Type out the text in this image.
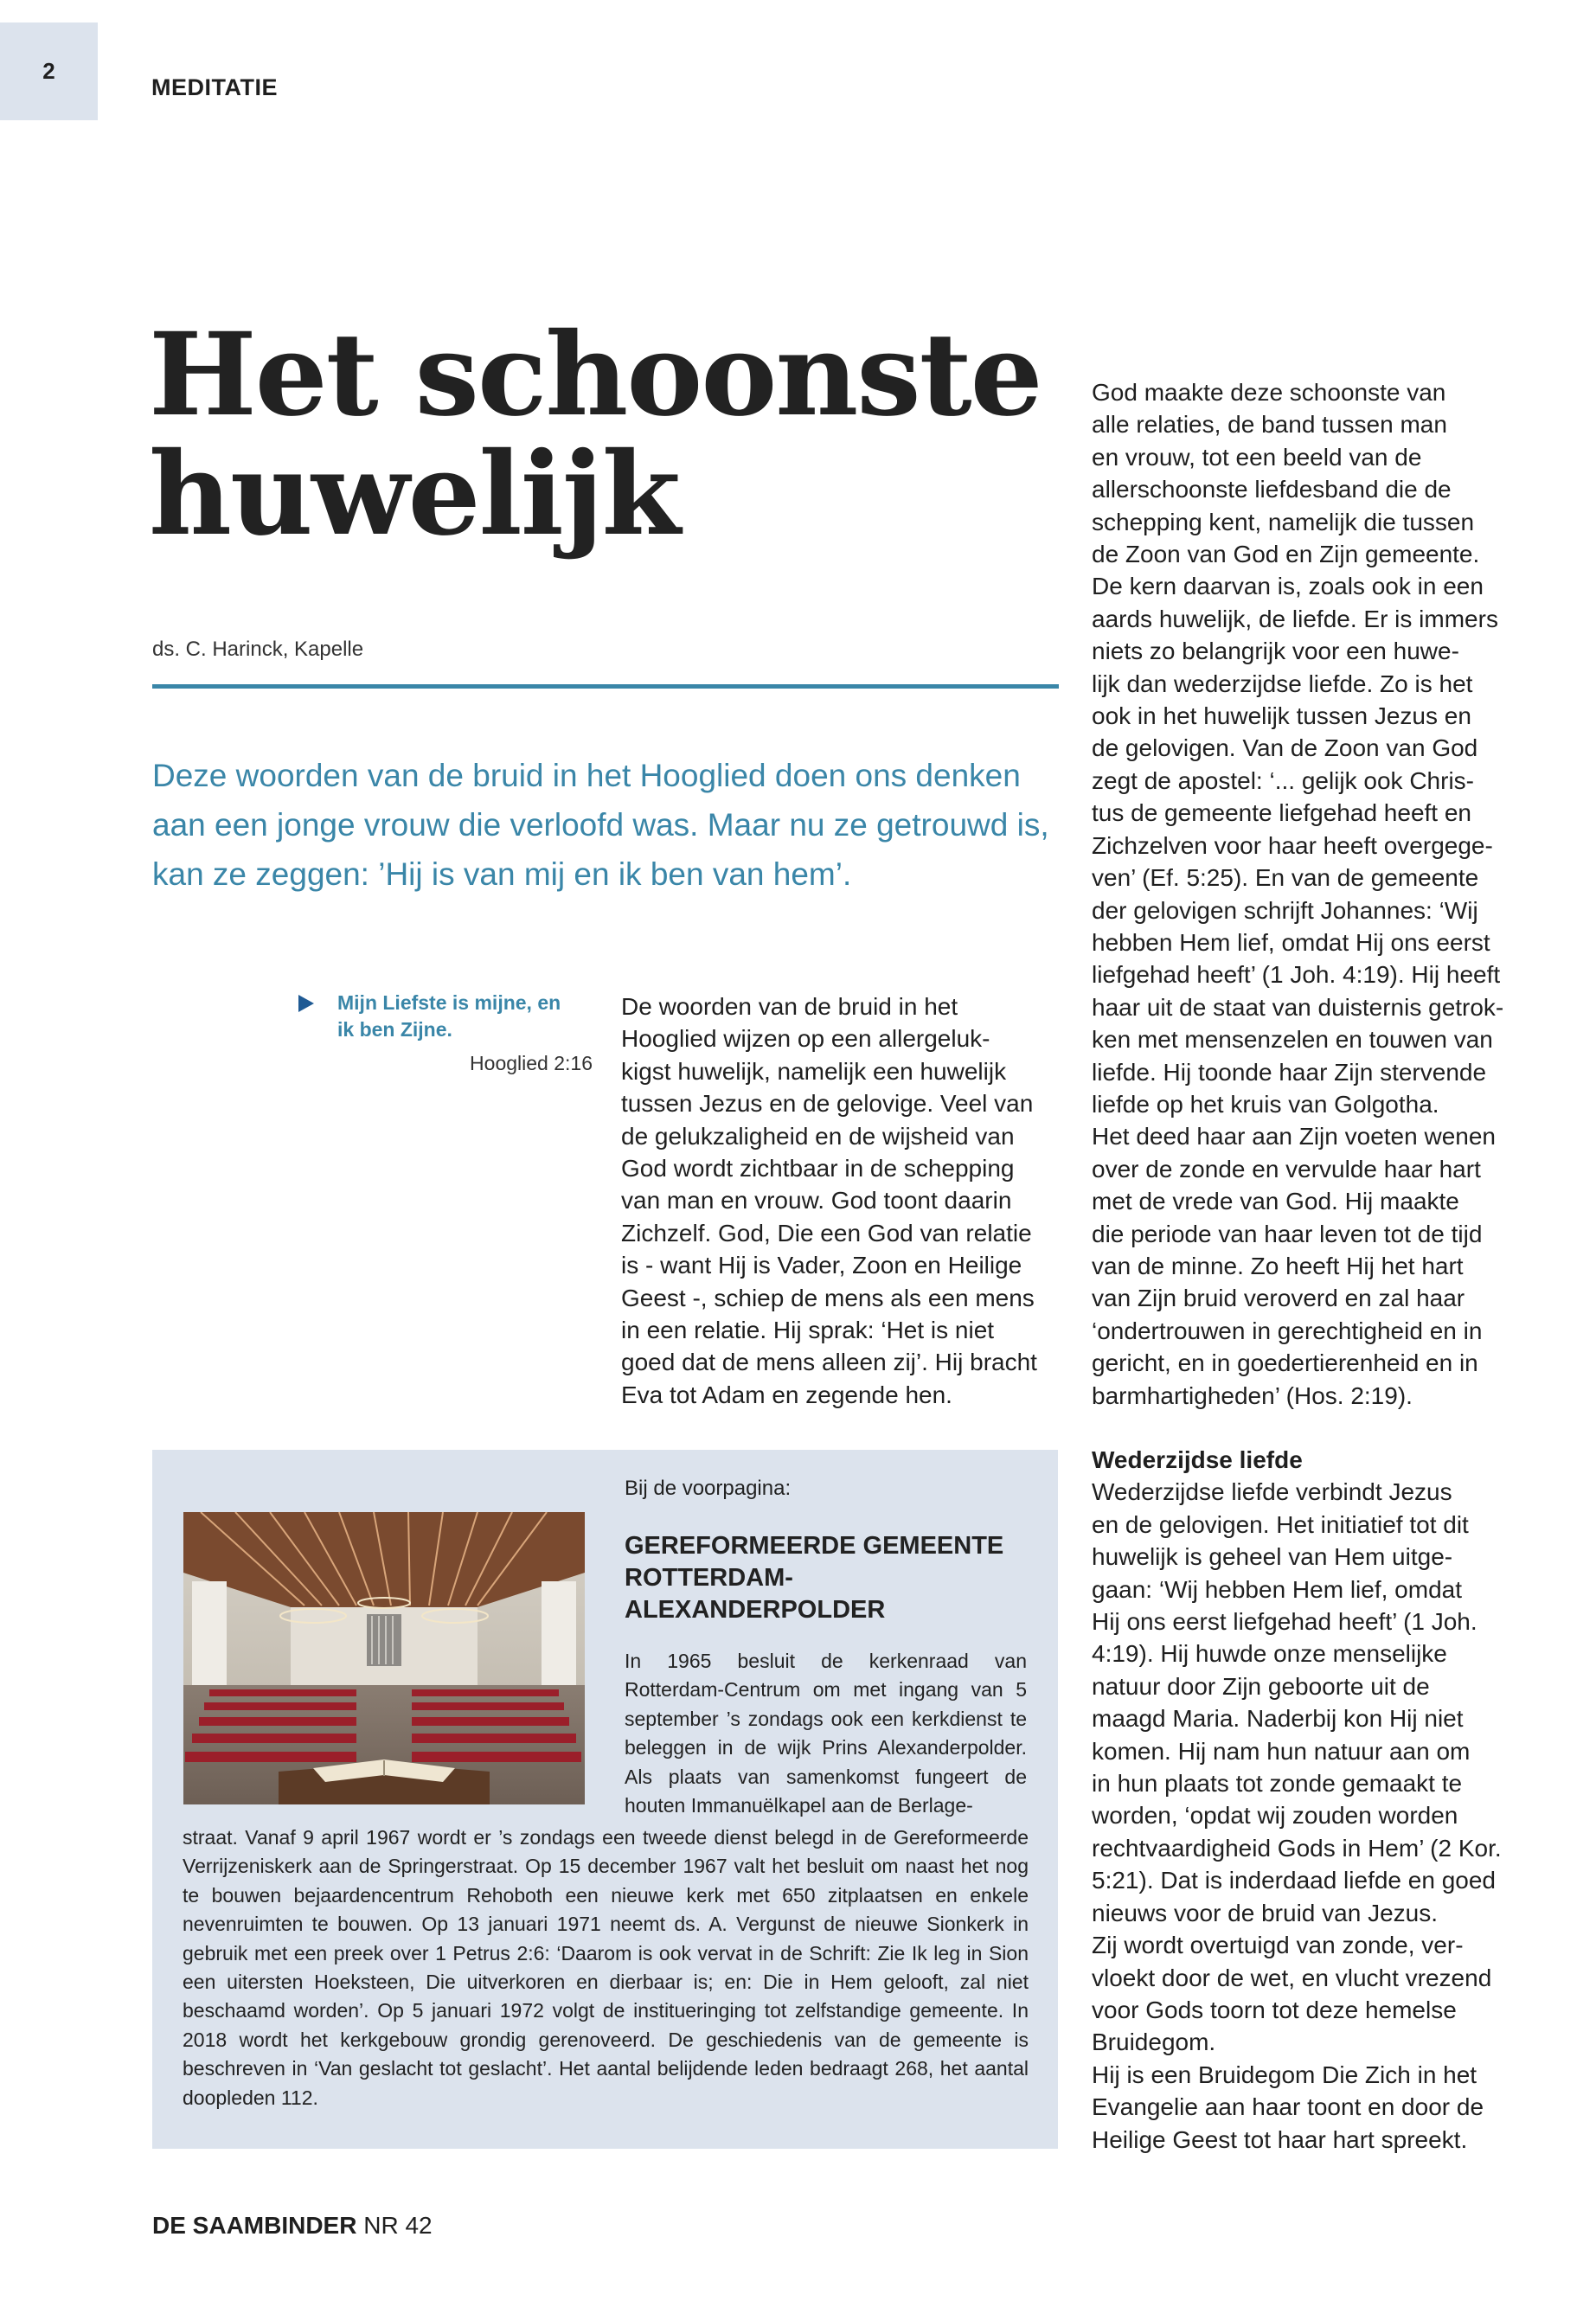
2
MEDITATIE
Het schoonste
huwelijk
ds. C. Harinck, Kapelle
Deze woorden van de bruid in het Hooglied doen ons denken aan een jonge vrouw die verloofd was. Maar nu ze getrouwd is, kan ze zeggen: ’Hij is van mij en ik ben van hem’.
Mijn Liefste is mijne, en
ik ben Zijne.
Hooglied 2:16
De woorden van de bruid in het
Hooglied wijzen op een allergeluk-
kigst huwelijk, namelijk een huwelijk
tussen Jezus en de gelovige. Veel van
de gelukzaligheid en de wijsheid van
God wordt zichtbaar in de schepping
van man en vrouw. God toont daarin
Zichzelf. God, Die een God van relatie
is - want Hij is Vader, Zoon en Heilige
Geest -, schiep de mens als een mens
in een relatie. Hij sprak: ‘Het is niet
goed dat de mens alleen zij’. Hij bracht
Eva tot Adam en zegende hen.
God maakte deze schoonste van
alle relaties, de band tussen man
en vrouw, tot een beeld van de
allerschoonste liefdesband die de
schepping kent, namelijk die tussen
de Zoon van God en Zijn gemeente.
De kern daarvan is, zoals ook in een
aards huwelijk, de liefde. Er is immers
niets zo belangrijk voor een huwe-
lijk dan wederzijdse liefde. Zo is het
ook in het huwelijk tussen Jezus en
de gelovigen. Van de Zoon van God
zegt de apostel: ‘... gelijk ook Chris-
tus de gemeente liefgehad heeft en
Zichzelven voor haar heeft overgege-
ven’ (Ef. 5:25). En van de gemeente
der gelovigen schrijft Johannes: ‘Wij
hebben Hem lief, omdat Hij ons eerst
liefgehad heeft’ (1 Joh. 4:19). Hij heeft
haar uit de staat van duisternis getrok-
ken met mensenzelen en touwen van
liefde. Hij toonde haar Zijn stervende
liefde op het kruis van Golgotha.
Het deed haar aan Zijn voeten wenen
over de zonde en vervulde haar hart
met de vrede van God. Hij maakte
die periode van haar leven tot de tijd
van de minne. Zo heeft Hij het hart
van Zijn bruid veroverd en zal haar
‘ondertrouwen in gerechtigheid en in
gericht, en in goedertierenheid en in
barmhartigheden’ (Hos. 2:19).
Wederzijdse liefde
Wederzijdse liefde verbindt Jezus
en de gelovigen. Het initiatief tot dit
huwelijk is geheel van Hem uitge-
gaan: ‘Wij hebben Hem lief, omdat
Hij ons eerst liefgehad heeft’ (1 Joh.
4:19). Hij huwde onze menselijke
natuur door Zijn geboorte uit de
maagd Maria. Naderbij kon Hij niet
komen. Hij nam hun natuur aan om
in hun plaats tot zonde gemaakt te
worden, ‘opdat wij zouden worden
rechtvaardigheid Gods in Hem’ (2 Kor.
5:21). Dat is inderdaad liefde en goed
nieuws voor de bruid van Jezus.
Zij wordt overtuigd van zonde, ver-
vloekt door de wet, en vlucht vrezend
voor Gods toorn tot deze hemelse
Bruidegom.
Hij is een Bruidegom Die Zich in het
Evangelie aan haar toont en door de
Heilige Geest tot haar hart spreekt.
Bij de voorpagina:
GEREFORMEERDE GEMEENTE
ROTTERDAM-
ALEXANDERPOLDER
In 1965 besluit de kerkenraad van Rotterdam-Centrum om met ingang van 5 september ’s zondags ook een kerkdienst te beleggen in de wijk Prins Alexanderpolder. Als plaats van samenkomst fungeert de houten Immanuëlkapel aan de Berlage-
straat. Vanaf 9 april 1967 wordt er ’s zondags een tweede dienst belegd in de Gereformeerde Verrijzeniskerk aan de Springerstraat. Op 15 december 1967 valt het besluit om naast het nog te bouwen bejaardencentrum Rehoboth een nieuwe kerk met 650 zitplaatsen en enkele nevenruimten te bouwen. Op 13 januari 1971 neemt ds. A. Vergunst de nieuwe Sionkerk in gebruik met een preek over 1 Petrus 2:6: ‘Daarom is ook vervat in de Schrift: Zie Ik leg in Sion een uitersten Hoeksteen, Die uitverkoren en dierbaar is; en: Die in Hem gelooft, zal niet beschaamd worden’. Op 5 januari 1972 volgt de institueringing tot zelfstandige gemeente. In 2018 wordt het kerkgebouw grondig gerenoveerd. De geschiedenis van de gemeente is beschreven in ‘Van geslacht tot geslacht’. Het aantal belijdende leden bedraagt 268, het aantal doopleden 112.
DE SAAMBINDER NR 42
